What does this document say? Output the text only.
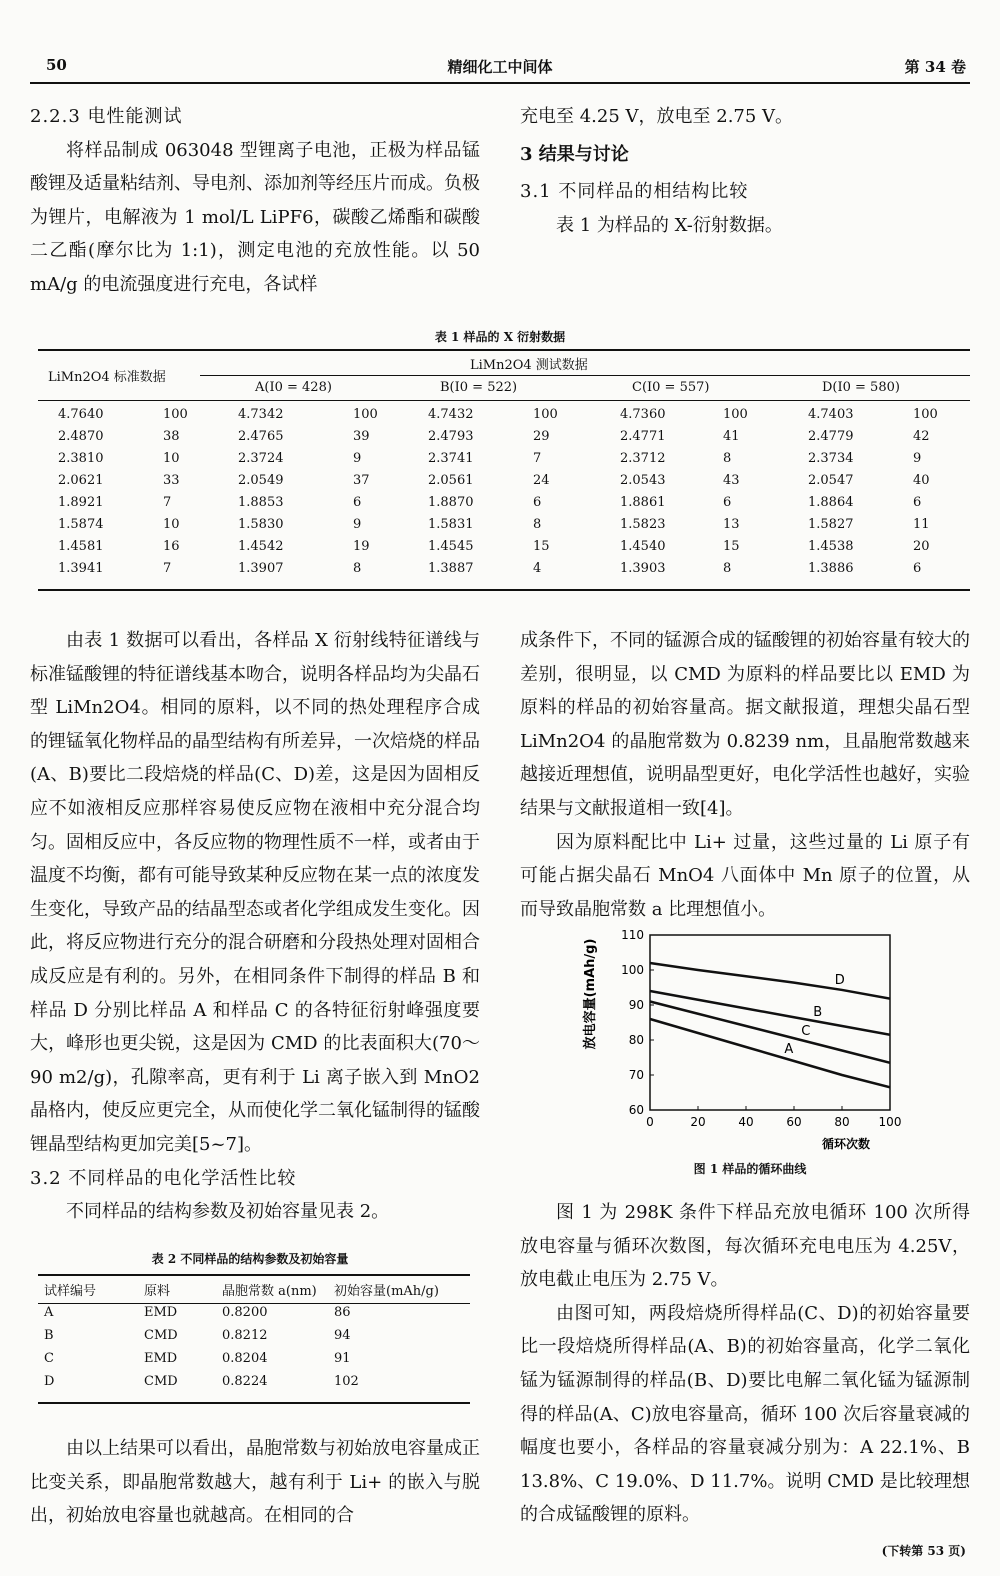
50	精细化工中间体	第 34 卷

2.2.3 电性能测试

将样品制成 063048 型锂离子电池，正极为样品锰酸锂及适量粘结剂、导电剂、添加剂等经压片而成。负极为锂片，电解液为 1 mol/L LiPF6，碳酸乙烯酯和碳酸二乙酯(摩尔比为 1:1)，测定电池的充放性能。以 50 mA/g 的电流强度进行充电，各试样

充电至 4.25 V，放电至 2.75 V。

3 结果与讨论

3.1 不同样品的相结构比较

表 1 为样品的 X-衍射数据。

表 1 样品的 X 衍射数据
LiMn2O4 标准数据
LiMn2O4 测试数据
A(I0 = 428)	B(I0 = 522)	C(I0 = 557)	D(I0 = 580)
4.7640	100	4.7342	100	4.7432	100	4.7360	100	4.7403	100
2.4870	38	2.4765	39	2.4793	29	2.4771	41	2.4779	42
2.3810	10	2.3724	9	2.3741	7	2.3712	8	2.3734	9
2.0621	33	2.0549	37	2.0561	24	2.0543	43	2.0547	40
1.8921	7	1.8853	6	1.8870	6	1.8861	6	1.8864	6
1.5874	10	1.5830	9	1.5831	8	1.5823	13	1.5827	11
1.4581	16	1.4542	19	1.4545	15	1.4540	15	1.4538	20
1.3941	7	1.3907	8	1.3887	4	1.3903	8	1.3886	6

由表 1 数据可以看出，各样品 X 衍射线特征谱线与标准锰酸锂的特征谱线基本吻合，说明各样品均为尖晶石型 LiMn2O4。相同的原料，以不同的热处理程序合成的锂锰氧化物样品的晶型结构有所差异，一次焙烧的样品(A、B)要比二段焙烧的样品(C、D)差，这是因为固相反应不如液相反应那样容易使反应物在液相中充分混合均匀。固相反应中，各反应物的物理性质不一样，或者由于温度不均衡，都有可能导致某种反应物在某一点的浓度发生变化，导致产品的结晶型态或者化学组成发生变化。因此，将反应物进行充分的混合研磨和分段热处理对固相合成反应是有利的。另外，在相同条件下制得的样品 B 和样品 D 分别比样品 A 和样品 C 的各特征衍射峰强度要大，峰形也更尖锐，这是因为 CMD 的比表面积大(70～90 m2/g)，孔隙率高，更有利于 Li 离子嵌入到 MnO2 晶格内，使反应更完全，从而使化学二氧化锰制得的锰酸锂晶型结构更加完美[5~7]。

3.2 不同样品的电化学活性比较

不同样品的结构参数及初始容量见表 2。

表 2 不同样品的结构参数及初始容量
试样编号	原料	晶胞常数 a(nm)	初始容量(mAh/g)
A	EMD	0.8200	86
B	CMD	0.8212	94
C	EMD	0.8204	91
D	CMD	0.8224	102

由以上结果可以看出，晶胞常数与初始放电容量成正比变关系，即晶胞常数越大，越有利于 Li+ 的嵌入与脱出，初始放电容量也就越高。在相同的合

成条件下，不同的锰源合成的锰酸锂的初始容量有较大的差别，很明显，以 CMD 为原料的样品要比以 EMD 为原料的样品的初始容量高。据文献报道，理想尖晶石型 LiMn2O4 的晶胞常数为 0.8239 nm，且晶胞常数越来越接近理想值，说明晶型更好，电化学活性也越好，实验结果与文献报道相一致[4]。

因为原料配比中 Li+ 过量，这些过量的 Li 原子有可能占据尖晶石 MnO4 八面体中 Mn 原子的位置，从而导致晶胞常数 a 比理想值小。

0	20	40	60	80 100
60
70
80
90
100
110
D
B
C
A
放电容量(mAh/g)
循环次数
图 1 样品的循环曲线

图 1 为 298K 条件下样品充放电循环 100 次所得放电容量与循环次数图，每次循环充电电压为 4.25V，放电截止电压为 2.75 V。

由图可知，两段焙烧所得样品(C、D)的初始容量要比一段焙烧所得样品(A、B)的初始容量高，化学二氧化锰为锰源制得的样品(B、D)要比电解二氧化锰为锰源制得的样品(A、C)放电容量高，循环 100 次后容量衰减的幅度也要小，各样品的容量衰减分别为：A 22.1%、B 13.8%、C 19.0%、D 11.7%。说明 CMD 是比较理想的合成锰酸锂的原料。

(下转第 53 页)
